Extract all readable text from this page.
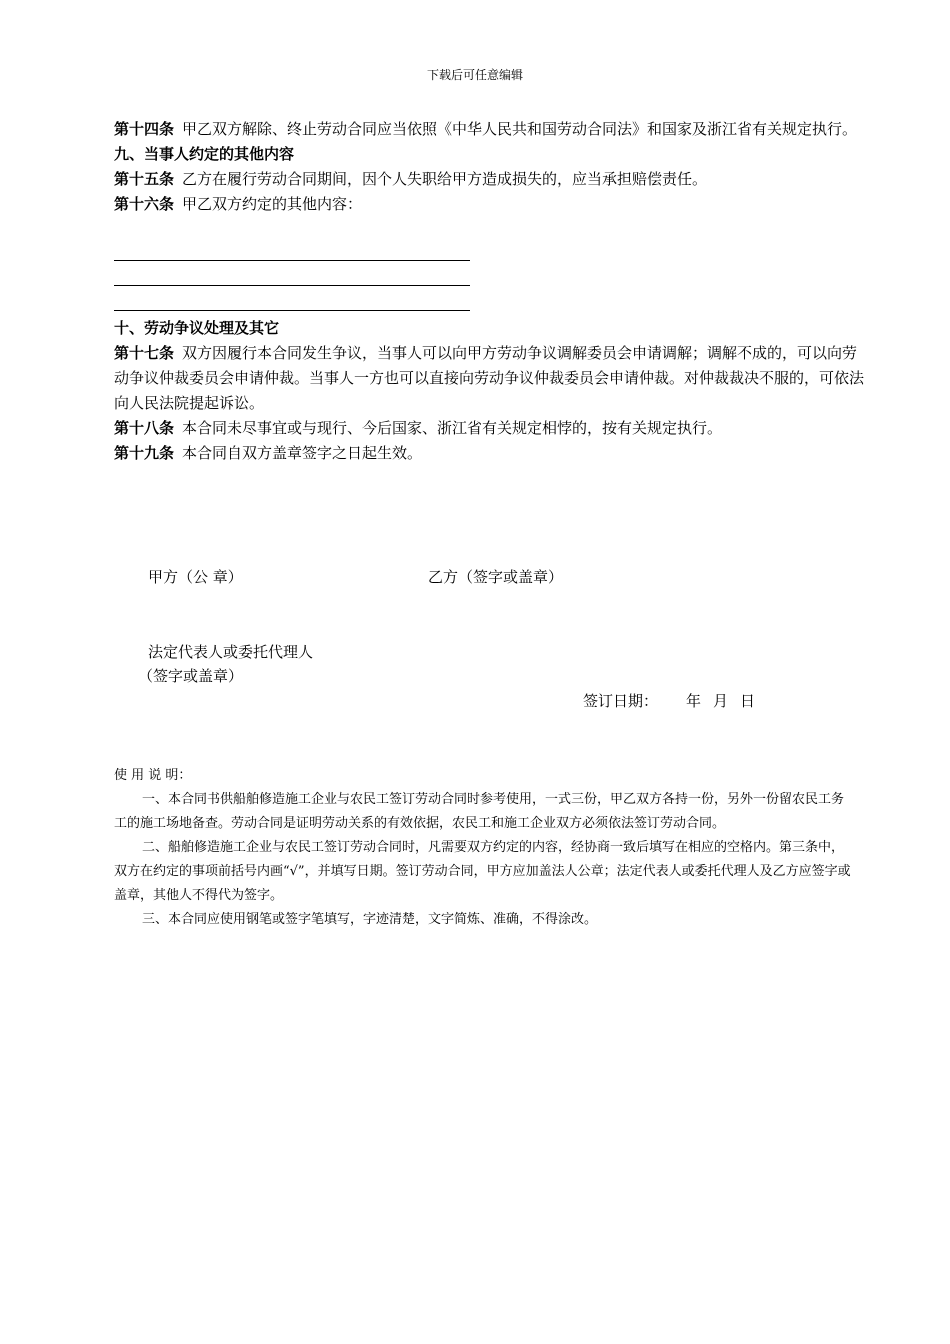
下载后可任意编辑

第十四条 甲乙双方解除、终止劳动合同应当依照《中华人民共和国劳动合同法》和国家及浙江省有关规定执行。

九、当事人约定的其他内容

第十五条 乙方在履行劳动合同期间，因个人失职给甲方造成损失的，应当承担赔偿责任。

第十六条 甲乙双方约定的其他内容：

十、劳动争议处理及其它

第十七条 双方因履行本合同发生争议，当事人可以向甲方劳动争议调解委员会申请调解；调解不成的，可以向劳动争议仲裁委员会申请仲裁。当事人一方也可以直接向劳动争议仲裁委员会申请仲裁。对仲裁裁决不服的，可依法向人民法院提起诉讼。

第十八条 本合同未尽事宜或与现行、今后国家、浙江省有关规定相悖的，按有关规定执行。

第十九条 本合同自双方盖章签字之日起生效。

甲方（公 章）	乙方（签字或盖章）
法定代表人或委托代理人
（签字或盖章）
签订日期： 年 月 日

使 用 说 明：

一、本合同书供船舶修造施工企业与农民工签订劳动合同时参考使用，一式三份，甲乙双方各持一份，另外一份留农民工务工的施工场地备查。劳动合同是证明劳动关系的有效依据，农民工和施工企业双方必须依法签订劳动合同。

二、船舶修造施工企业与农民工签订劳动合同时，凡需要双方约定的内容，经协商一致后填写在相应的空格内。第三条中，双方在约定的事项前括号内画“√”，并填写日期。签订劳动合同，甲方应加盖法人公章；法定代表人或委托代理人及乙方应签字或盖章，其他人不得代为签字。

三、本合同应使用钢笔或签字笔填写，字迹清楚，文字简炼、准确，不得涂改。
